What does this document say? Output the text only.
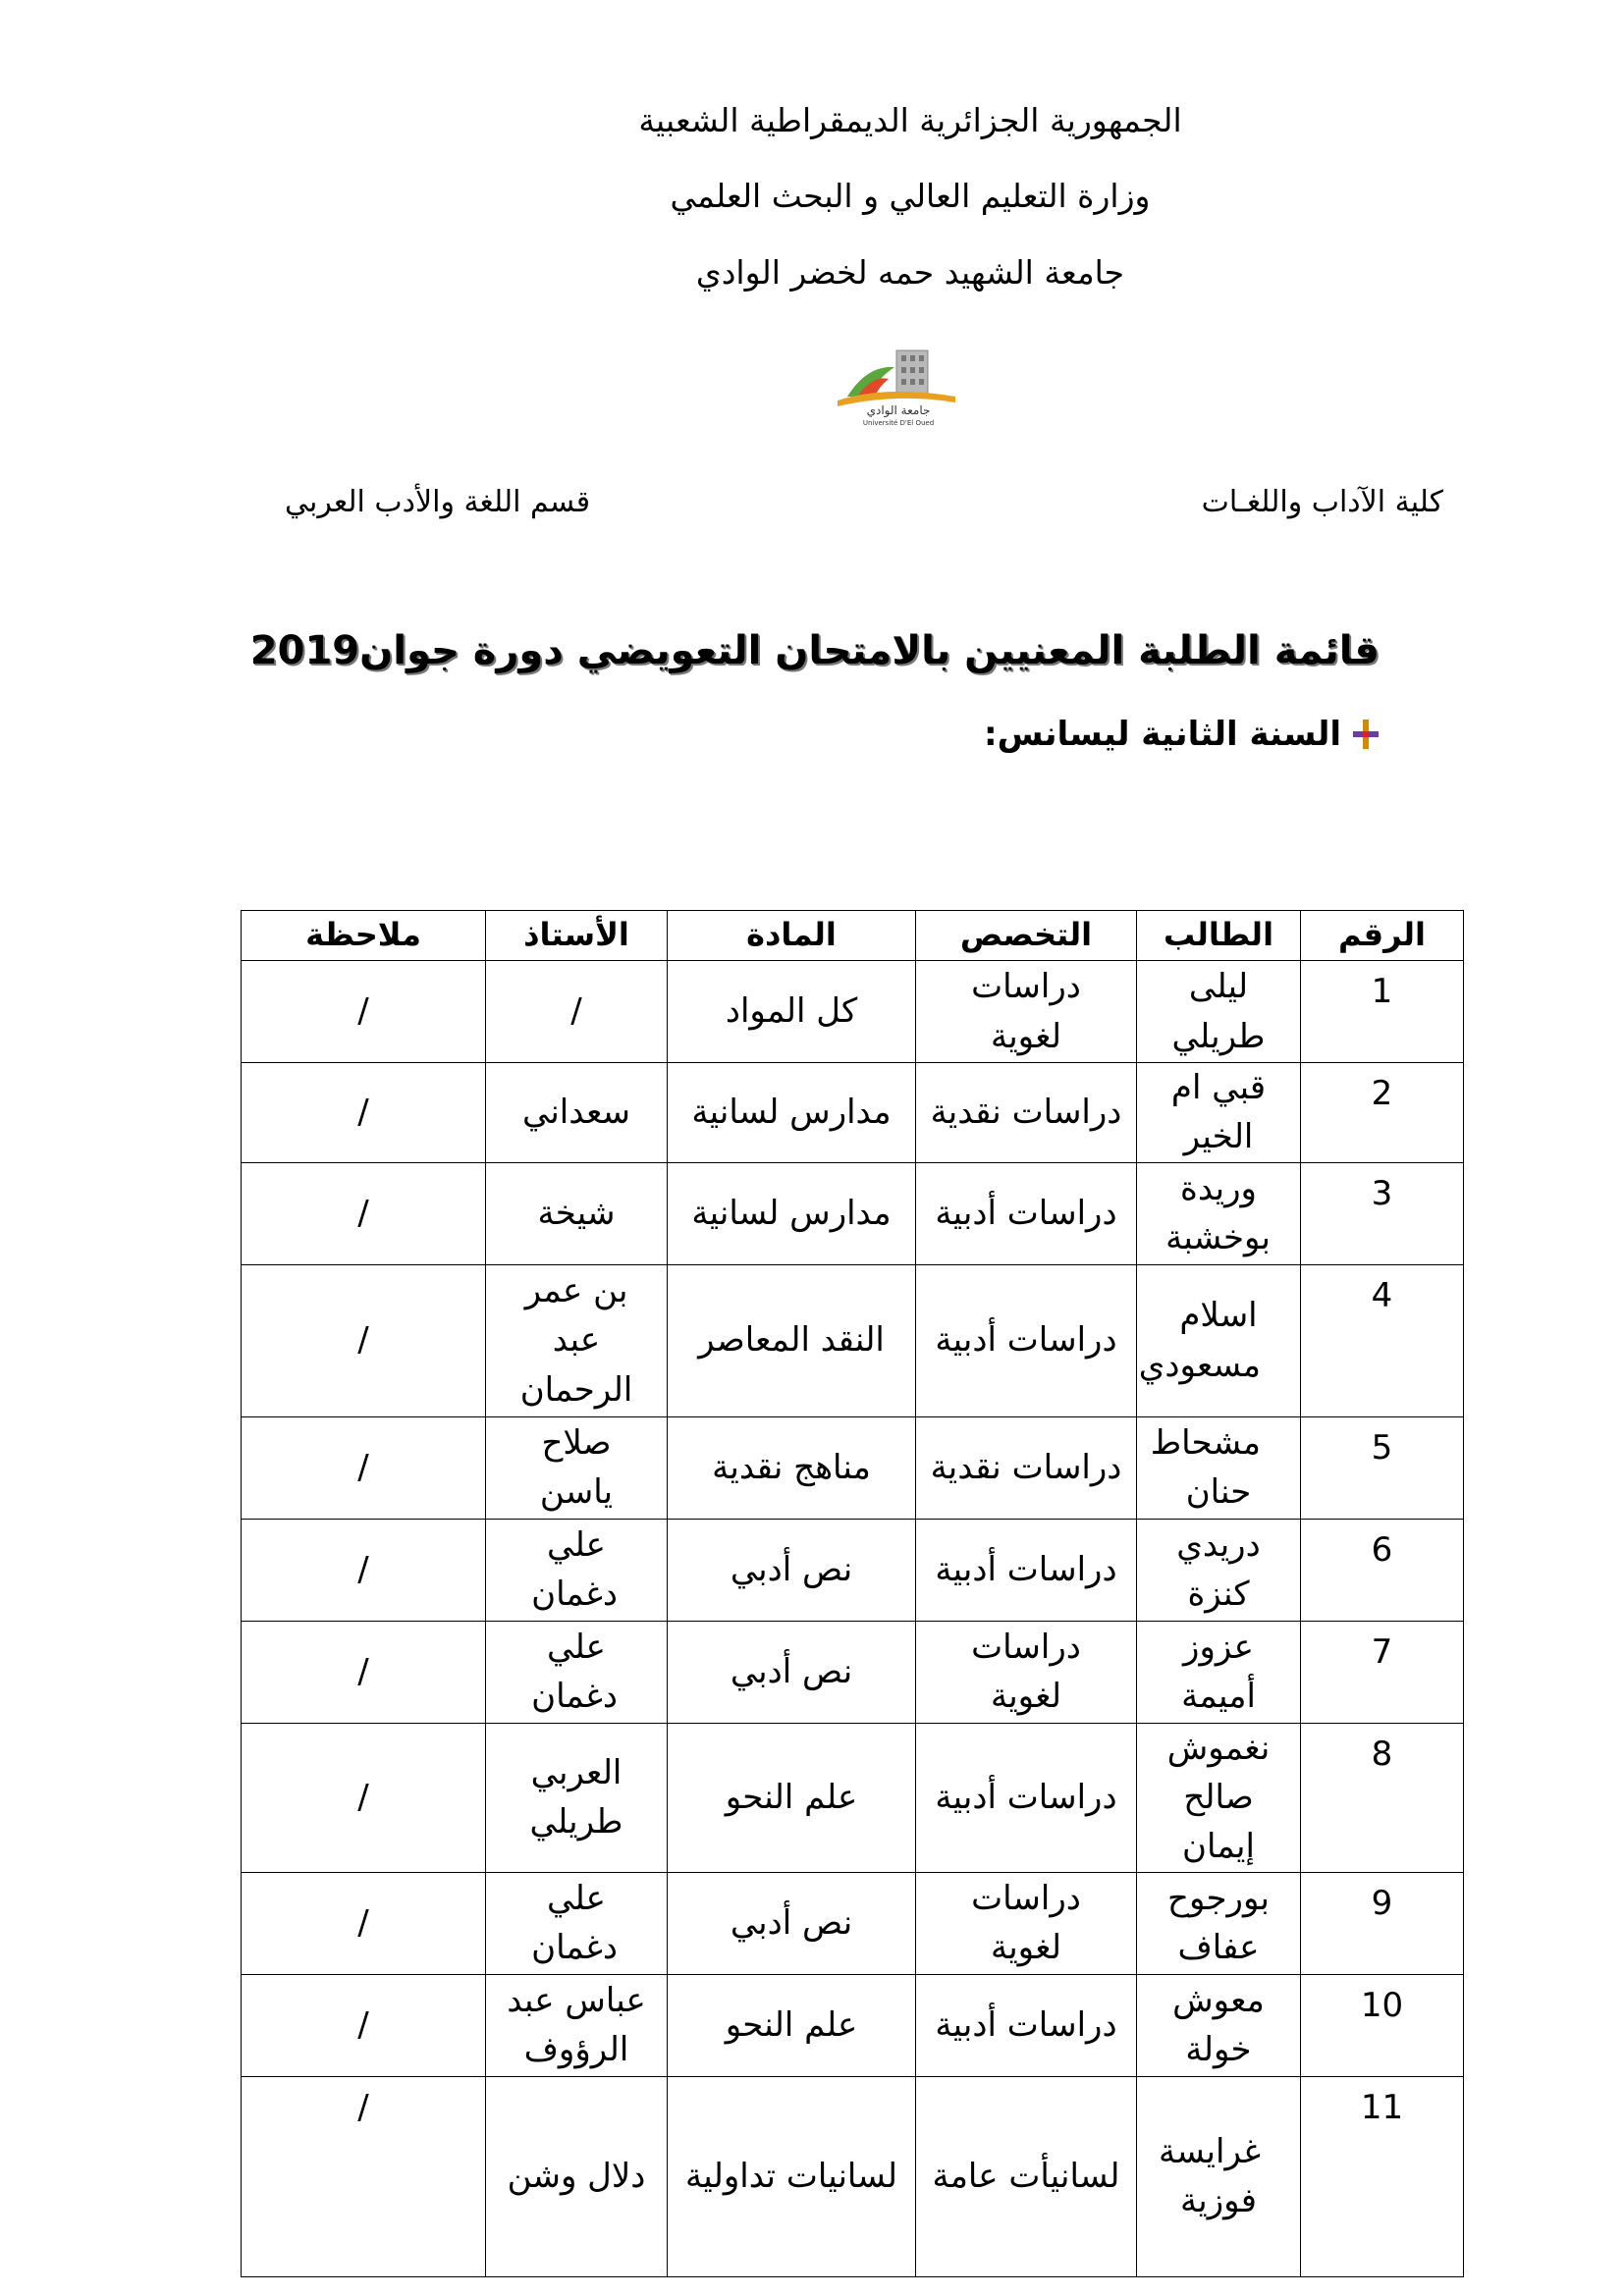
الجمهورية الجزائرية الديمقراطية الشعبية
وزارة التعليم العالي و البحث العلمي
جامعة الشهيد حمه لخضر الوادي
جامعة الوادي
Université D'El Oued
قسم اللغة والأدب العربي	كلية الآداب واللغـات
قائمة الطلبة المعنيين بالامتحان التعويضي دورة جوان2019
السنة الثانية ليسانس:
الرقم	الطالب	التخصص	المادة	الأستاذ	ملاحظة
1	ليلى طريلي	دراسات لغوية	كل المواد	/	/
2	قبي ام الخير	دراسات نقدية	مدارس لسانية	سعداني	/
3	وريدة بوخشبة	دراسات أدبية	مدارس لسانية	شيخة	/
4	اسلام مسعودي	دراسات أدبية	النقد المعاصر	بن عمر عبد الرحمان	/
5	مشحاط حنان	دراسات نقدية	مناهج نقدية	صلاح ياسن	/
6	دريدي كنزة	دراسات أدبية	نص أدبي	علي دغمان	/
7	عزوز أميمة	دراسات لغوية	نص أدبي	علي دغمان	/
8	نغموش صالح إيمان	دراسات أدبية	علم النحو	العربي طريلي	/
9	بورجوح عفاف	دراسات لغوية	نص أدبي	علي دغمان	/
10	معوش خولة	دراسات أدبية	علم النحو	عباس عبد الرؤوف	/
11	غرايسة فوزية	لسانيأت عامة	لسانيات تداولية	دلال وشن	/
